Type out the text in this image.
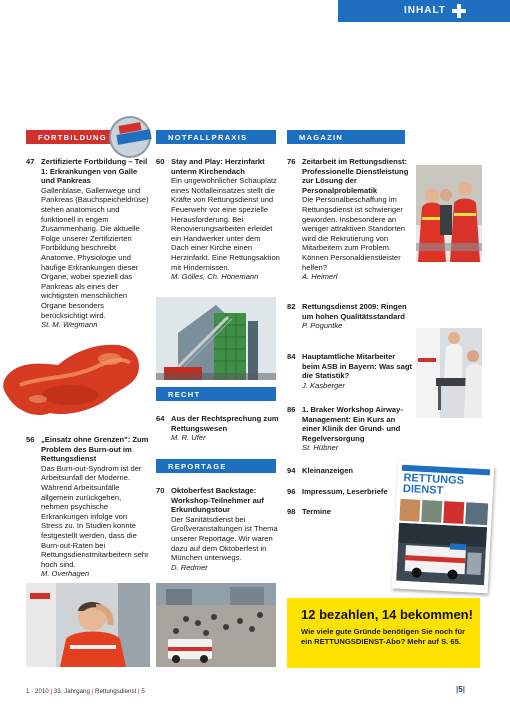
INHALT
FORTBILDUNG	NOTFALLPRAXIS	MAGAZIN
RECHT
REPORTAGE
47 Zertifizierte Fortbildung – Teil 1: Erkrankungen von Galle und Pankreas
Gallenblase, Gallenwege und Pankreas (Bauchspeicheldrüse) stehen anatomisch und funktionell in engem Zusammenhang. Die aktuelle Folge unserer Zertifizierten Fortbildung beschreibt Anatomie, Physiologie und häufige Erkrankungen dieser Organe, wobei speziell das Pankreas als eines der wichtigsten menschlichen Organe besonders berücksichtigt wird.
St. M. Wegmann
56 „Einsatz ohne Grenzen": Zum Problem des Burn-out im Rettungsdienst
Das Burn-out-Syndrom ist der Arbeitsunfall der Moderne. Während Arbeitsunfälle allgemein zurückgehen, nehmen psychische Erkrankungen infolge von Stress zu. In Studien konnte festgestellt werden, dass die Burn-out-Raten bei Rettungsdienstmitarbeitern sehr hoch sind.
M. Overhagen
60 Stay and Play: Herzinfarkt unterm Kirchendach
Ein ungewöhnlicher Schauplatz eines Notfalleinsatzes stellt die Kräfte von Rettungsdienst und Feuerwehr vor eine spezielle Herausforderung. Bei Renovierungsarbeiten erleidet ein Handwerker unter dem Dach einer Kirche einen Herzinfarkt. Eine Rettungsaktion mit Hindernissen.
M. Gölles, Ch. Hönemann
64 Aus der Rechtsprechung zum Rettungswesen
M. R. Ufer
70 Oktoberfest Backstage: Workshop-Teilnehmer auf Erkundungstour
Der Sanitätsdienst bei Großveranstaltungen ist Thema unserer Reportage. Wir waren dazu auf dem Oktoberfest in München unterwegs.
D. Redmer
76 Zeitarbeit im Rettungsdienst: Professionelle Dienstleistung zur Lösung der Personalproblematik
Die Personalbeschaffung im Rettungsdienst ist schwieriger geworden. Insbesondere an weniger attraktiven Standorten wird die Rekrutierung von Mitarbeitern zum Problem. Können Personaldienstleister helfen?
A. Heimerl
82 Rettungsdienst 2009: Ringen um hohen Qualitätsstandard
P. Poguntke
84 Hauptamtliche Mitarbeiter beim ASB in Bayern: Was sagt die Statistik?
J. Kasberger
86 1. Braker Workshop Airway-Management: Ein Kurs an einer Klinik der Grund- und Regelversorgung
St. Hübner
94 Kleinanzeigen
96 Impressum, Leserbriefe
98 Termine
12 bezahlen, 14 bekommen!
Wie viele gute Gründe benötigen Sie noch für ein RETTUNGSDIENST-Abo? Mehr auf S. 65.
RETTUNGS DIENST
1 · 2010 | 33. Jahrgang | Rettungsdienst | 5	|5|
